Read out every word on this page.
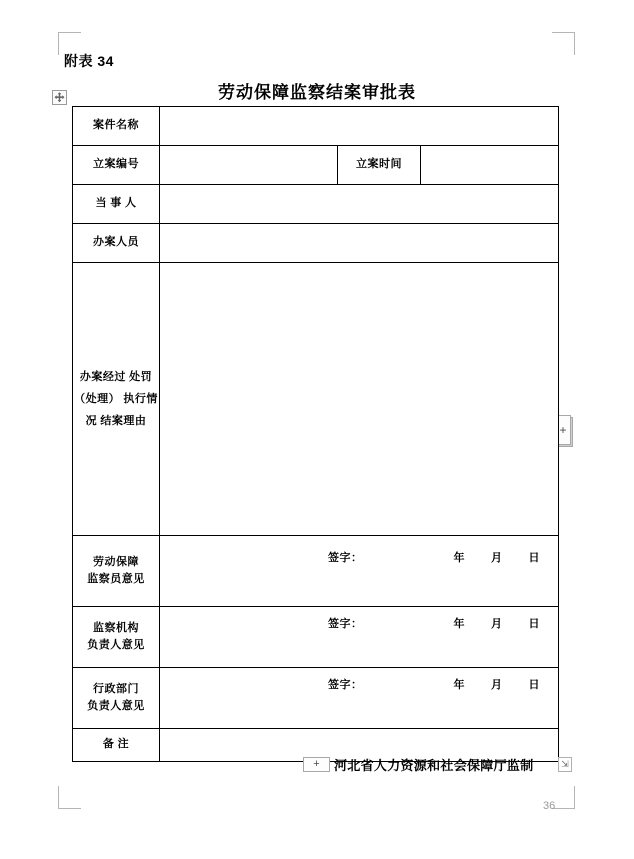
附表 34
劳动保障监察结案审批表
+
案件名称			
立案编号		立案时间	
当 事 人			
办案人员			
办案经过 处罚（处理） 执行情况 结案理由			

劳动保障
监察员意见	签字： 年 月 日		

监察机构
负责人意见	签字： 年 月 日		

行政部门
负责人意见	签字： 年 月 日		

备 注			
+	河北省人力资源和社会保障厅监制	⇲
36
